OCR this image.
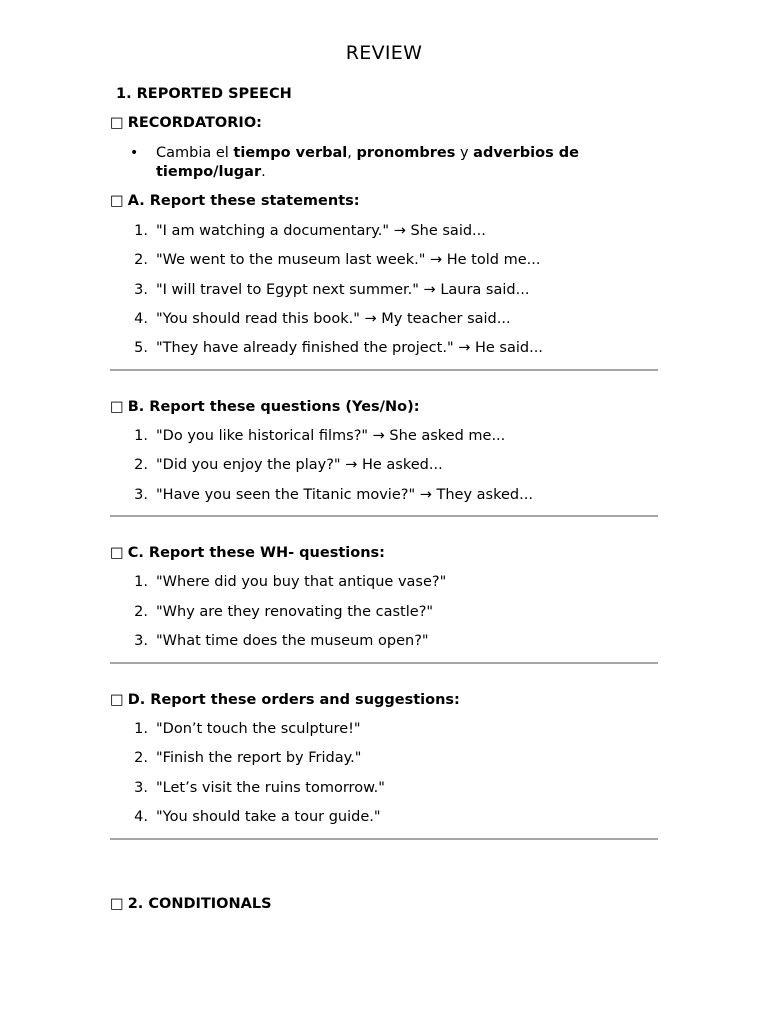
REVIEW
1. REPORTED SPEECH
□ RECORDATORIO:
• Cambia el tiempo verbal, pronombres y adverbios de tiempo/lugar.
□ A. Report these statements:
1. "I am watching a documentary." → She said...
2. "We went to the museum last week." → He told me...
3. "I will travel to Egypt next summer." → Laura said...
4. "You should read this book." → My teacher said...
5. "They have already finished the project." → He said...
□ B. Report these questions (Yes/No):
1. "Do you like historical films?" → She asked me...
2. "Did you enjoy the play?" → He asked...
3. "Have you seen the Titanic movie?" → They asked...
□ C. Report these WH- questions:
1. "Where did you buy that antique vase?"
2. "Why are they renovating the castle?"
3. "What time does the museum open?"
□ D. Report these orders and suggestions:
1. "Don’t touch the sculpture!"
2. "Finish the report by Friday."
3. "Let’s visit the ruins tomorrow."
4. "You should take a tour guide."
□ 2. CONDITIONALS
